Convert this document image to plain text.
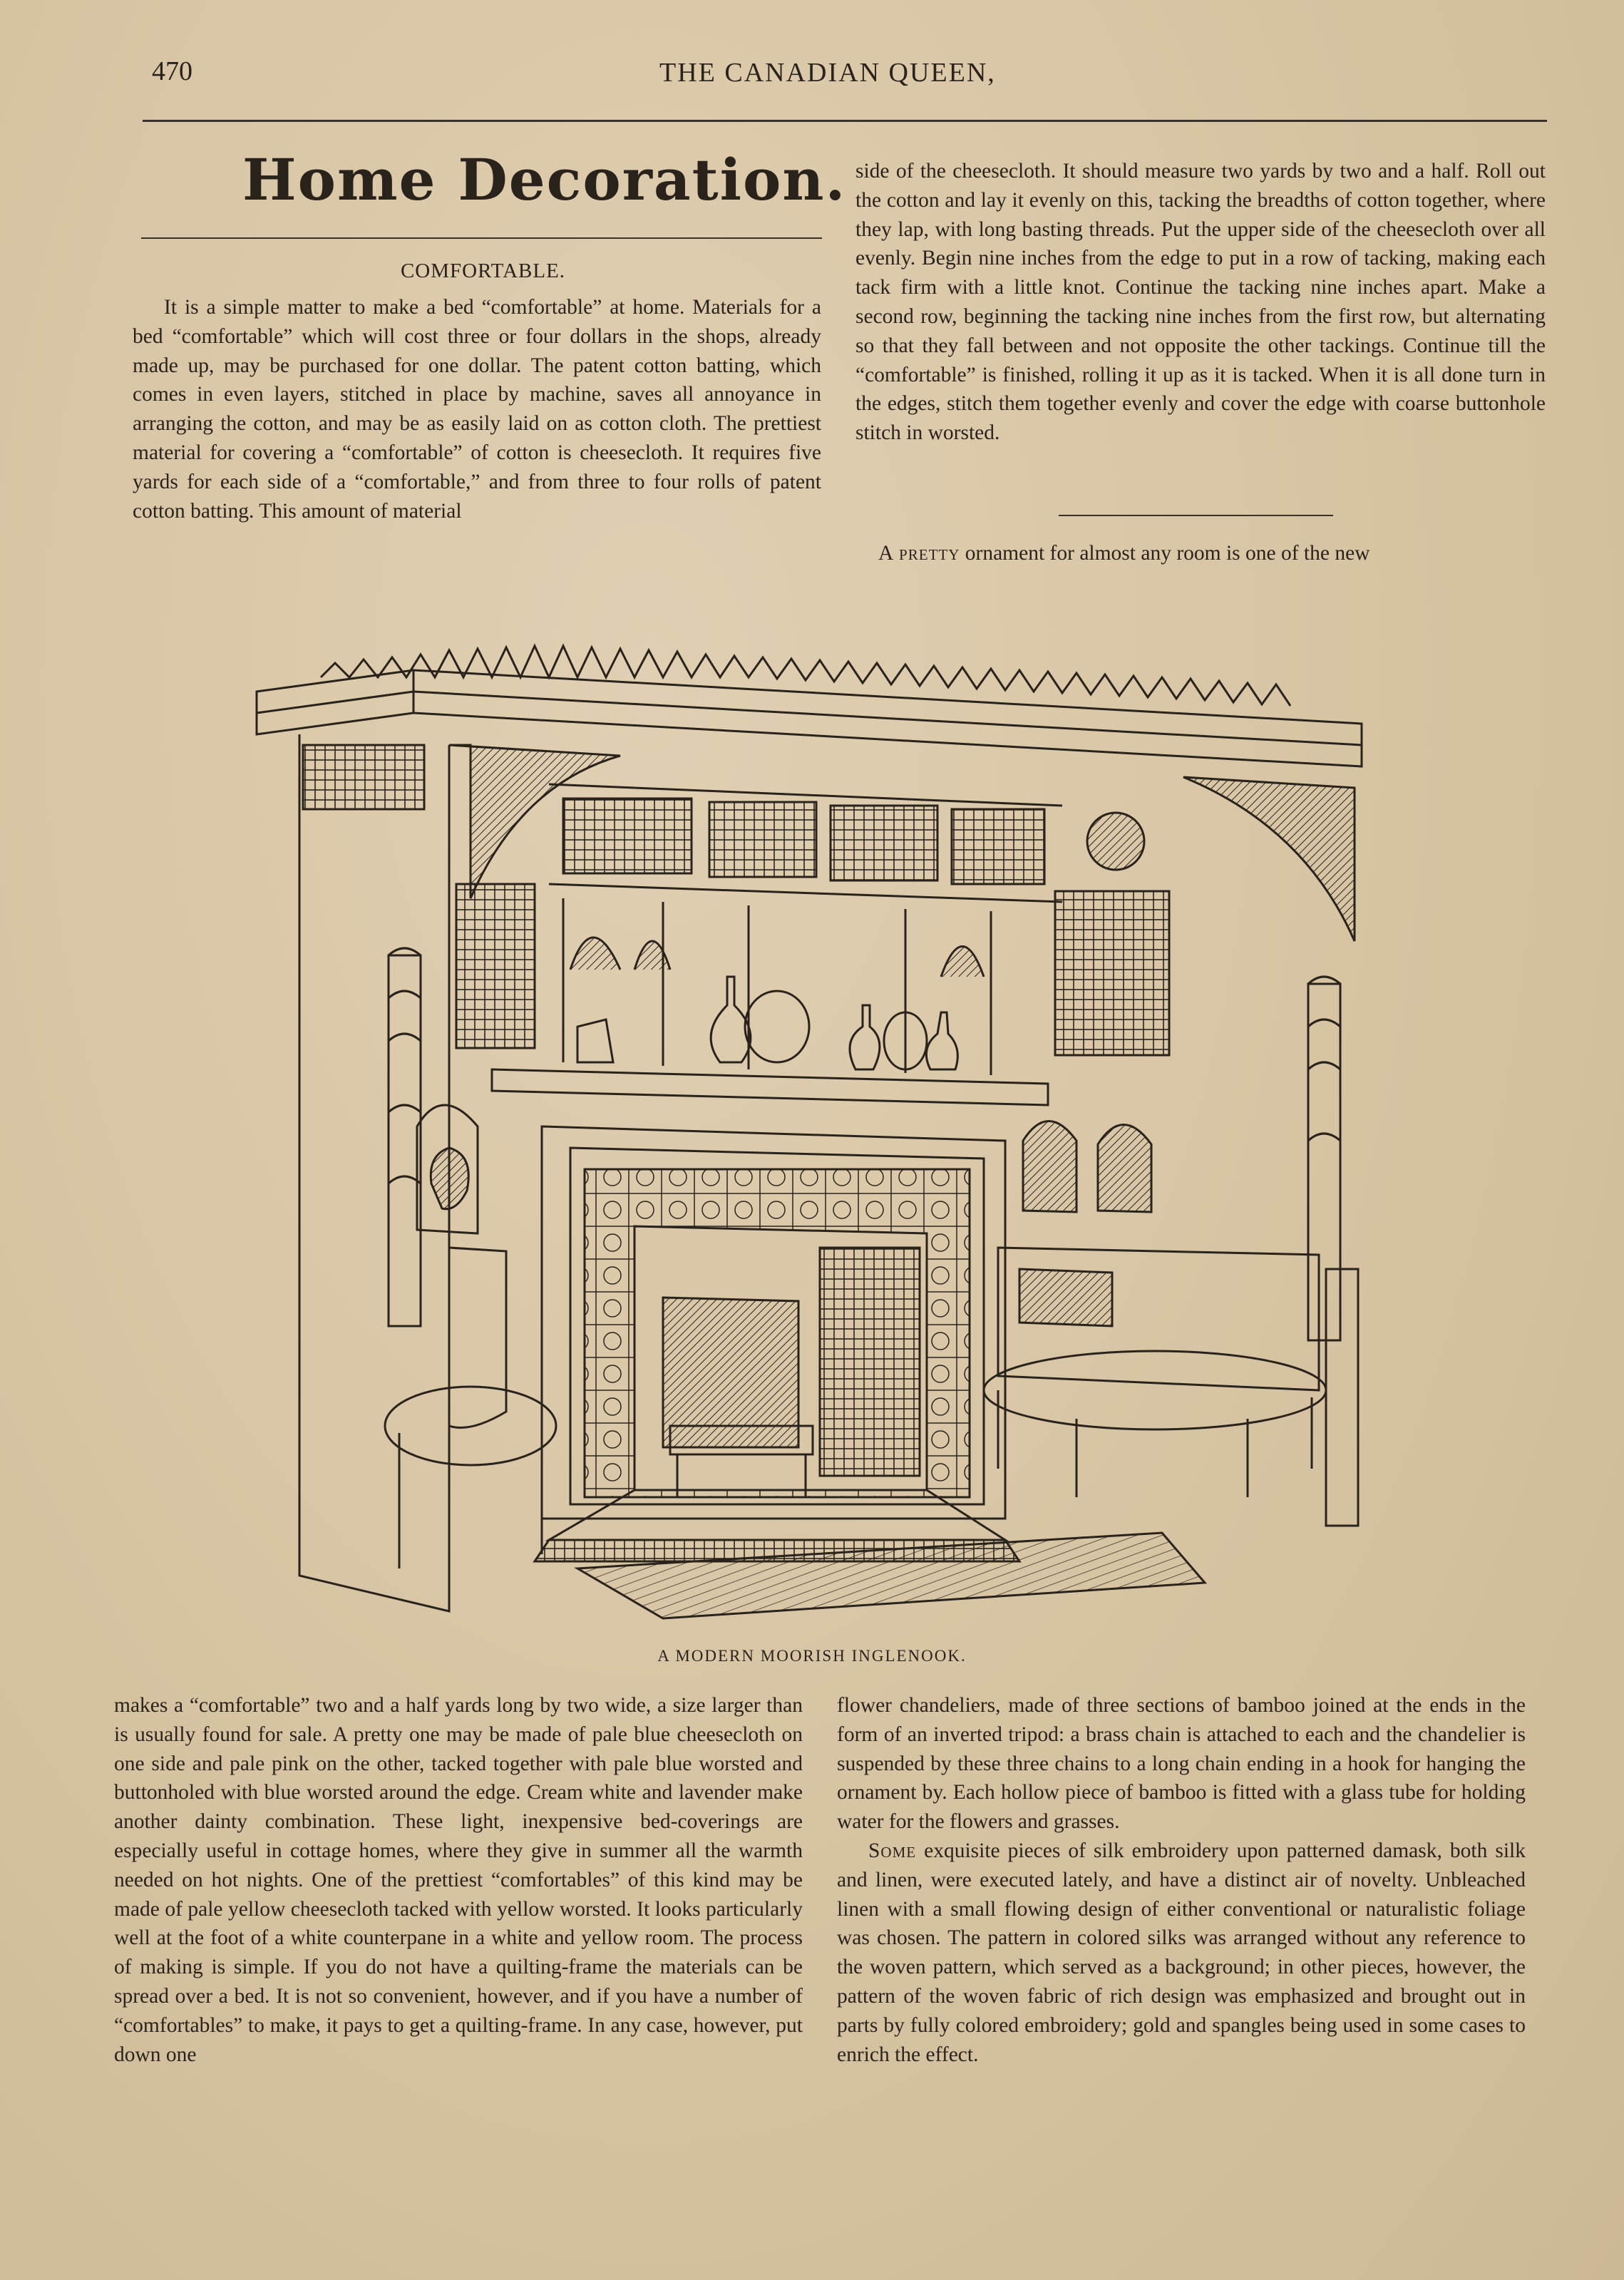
470	THE CANADIAN QUEEN,
Home Decoration.
COMFORTABLE.

It is a simple matter to make a bed “comfortable” at home. Materials for a bed “comfortable” which will cost three or four dollars in the shops, already made up, may be purchased for one dollar. The patent cotton batting, which comes in even layers, stitched in place by machine, saves all annoyance in arranging the cotton, and may be as easily laid on as cotton cloth. The prettiest material for covering a “comfortable” of cotton is cheesecloth. It requires five yards for each side of a “comfortable,” and from three to four rolls of patent cotton batting. This amount of material

side of the cheesecloth. It should measure two yards by two and a half. Roll out the cotton and lay it evenly on this, tacking the breadths of cotton together, where they lap, with long basting threads. Put the upper side of the cheesecloth over all evenly. Begin nine inches from the edge to put in a row of tacking, making each tack firm with a little knot. Continue the tacking nine inches apart. Make a second row, beginning the tacking nine inches from the first row, but alternating so that they fall between and not opposite the other tackings. Continue till the “comfortable” is finished, rolling it up as it is tacked. When it is all done turn in the edges, stitch them together evenly and cover the edge with coarse buttonhole stitch in worsted.

A pretty ornament for almost any room is one of the new

A MODERN MOORISH INGLENOOK.

makes a “comfortable” two and a half yards long by two wide, a size larger than is usually found for sale. A pretty one may be made of pale blue cheesecloth on one side and pale pink on the other, tacked together with pale blue worsted and buttonholed with blue worsted around the edge. Cream white and lavender make another dainty combination. These light, inexpensive bed-coverings are especially useful in cottage homes, where they give in summer all the warmth needed on hot nights. One of the prettiest “comfortables” of this kind may be made of pale yellow cheesecloth tacked with yellow worsted. It looks particularly well at the foot of a white counterpane in a white and yellow room. The process of making is simple. If you do not have a quilting-frame the materials can be spread over a bed. It is not so convenient, however, and if you have a number of “comfortables” to make, it pays to get a quilting-frame. In any case, however, put down one

flower chandeliers, made of three sections of bamboo joined at the ends in the form of an inverted tripod: a brass chain is attached to each and the chandelier is suspended by these three chains to a long chain ending in a hook for hanging the ornament by. Each hollow piece of bamboo is fitted with a glass tube for holding water for the flowers and grasses.

Some exquisite pieces of silk embroidery upon patterned damask, both silk and linen, were executed lately, and have a distinct air of novelty. Unbleached linen with a small flowing design of either conventional or naturalistic foliage was chosen. The pattern in colored silks was arranged without any reference to the woven pattern, which served as a background; in other pieces, however, the pattern of the woven fabric of rich design was emphasized and brought out in parts by fully colored embroidery; gold and spangles being used in some cases to enrich the effect.
